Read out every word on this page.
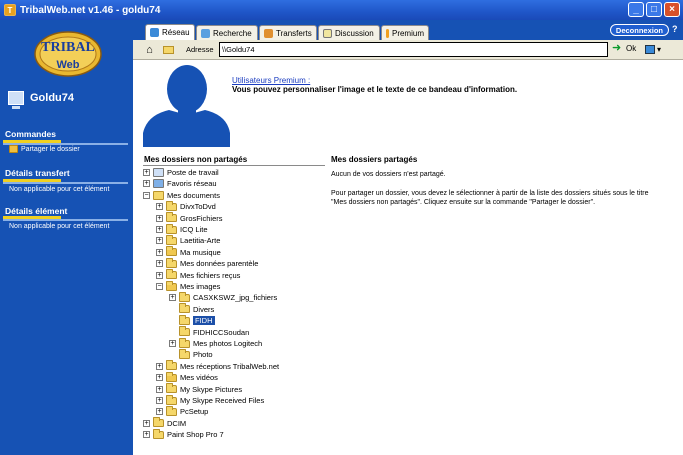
T TribalWeb.net v1.46 - goldu74	_	□	×
TRIBAL
Web
Goldu74
Commandes
Partager le dossier
Détails transfert
Non applicable pour cet élément
Détails élément
Non applicable pour cet élément
Réseau	Recherche	Transferts	Discussion Premium	Deconnexion	?
⌂	Adresse
\\Goldu74	➜ Ok	▾
Utilisateurs Premium :
Vous pouvez personnaliser l'image et le texte de ce bandeau d'information.
Mes dossiers non partagés	Mes dossiers partagés
Aucun de vos dossiers n'est partagé.
Pour partager un dossier, vous devez le sélectionner à partir de la liste des dossiers situés sous le titre
"Mes dossiers non partagés". Cliquez ensuite sur la commande "Partager le dossier".
+ Poste de travail
+ Favoris réseau
− Mes documents
+ DivxToDvd
+ GrosFichiers
+ ICQ Lite
+ Laetitia-Arte
+ Ma musique
+ Mes données parentèle
+ Mes fichiers reçus
− Mes images
+ CASXKSWZ_jpg_fichiers
Divers
FIDH
FIDHICCSoudan
+ Mes photos Logitech
Photo
+ Mes réceptions TribalWeb.net
+ Mes vidéos
+ My Skype Pictures
+ My Skype Received Files
+ PcSetup
+ DCIM
+ Paint Shop Pro 7
